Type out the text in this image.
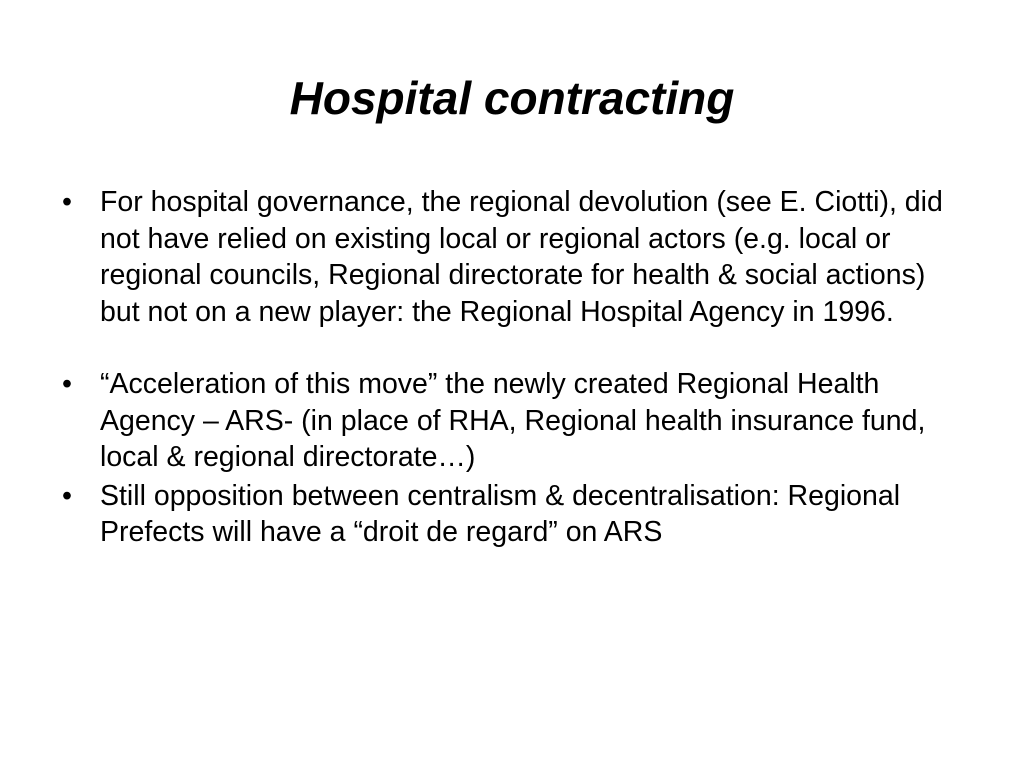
Hospital contracting
• For hospital governance, the regional devolution (see E. Ciotti), did not have relied on existing local or regional actors (e.g. local or regional councils, Regional directorate for health & social actions) but not on a new player: the Regional Hospital Agency in 1996.
• “Acceleration of this move” the newly created Regional Health Agency – ARS- (in place of RHA, Regional health insurance fund, local & regional directorate…)
• Still opposition between centralism & decentralisation: Regional Prefects will have a “droit de regard” on ARS
